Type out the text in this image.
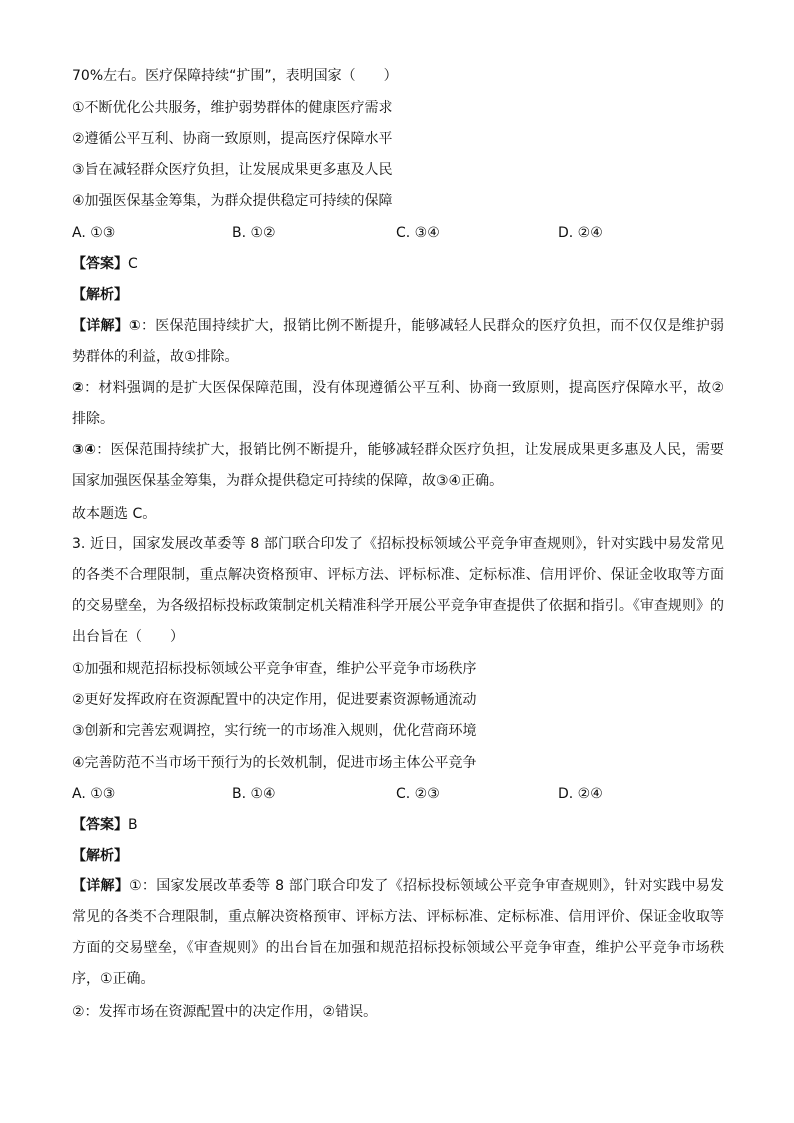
70%左右。医疗保障持续“扩围”，表明国家（　　）
①不断优化公共服务，维护弱势群体的健康医疗需求
②遵循公平互利、协商一致原则，提高医疗保障水平
③旨在减轻群众医疗负担，让发展成果更多惠及人民
④加强医保基金筹集，为群众提供稳定可持续的保障
A. ①③	B. ①②	C. ③④	D. ②④
【答案】C
【解析】
【详解】①：医保范围持续扩大，报销比例不断提升，能够减轻人民群众的医疗负担，而不仅仅是维护弱势群体的利益，故①排除。
②：材料强调的是扩大医保保障范围，没有体现遵循公平互利、协商一致原则，提高医疗保障水平，故②排除。
③④：医保范围持续扩大，报销比例不断提升，能够减轻群众医疗负担，让发展成果更多惠及人民，需要国家加强医保基金筹集，为群众提供稳定可持续的保障，故③④正确。
故本题选 C。
3. 近日，国家发展改革委等 8 部门联合印发了《招标投标领域公平竞争审查规则》，针对实践中易发常见的各类不合理限制，重点解决资格预审、评标方法、评标标准、定标标准、信用评价、保证金收取等方面的交易壁垒，为各级招标投标政策制定机关精准科学开展公平竞争审查提供了依据和指引。《审查规则》的出台旨在（　　）
①加强和规范招标投标领域公平竞争审查，维护公平竞争市场秩序
②更好发挥政府在资源配置中的决定作用，促进要素资源畅通流动
③创新和完善宏观调控，实行统一的市场准入规则，优化营商环境
④完善防范不当市场干预行为的长效机制，促进市场主体公平竞争
A. ①③	B. ①④	C. ②③	D. ②④
【答案】B
【解析】
【详解】①：国家发展改革委等 8 部门联合印发了《招标投标领域公平竞争审查规则》，针对实践中易发常见的各类不合理限制，重点解决资格预审、评标方法、评标标准、定标标准、信用评价、保证金收取等方面的交易壁垒，《审查规则》的出台旨在加强和规范招标投标领域公平竞争审查，维护公平竞争市场秩序，①正确。
②：发挥市场在资源配置中的决定作用，②错误。
